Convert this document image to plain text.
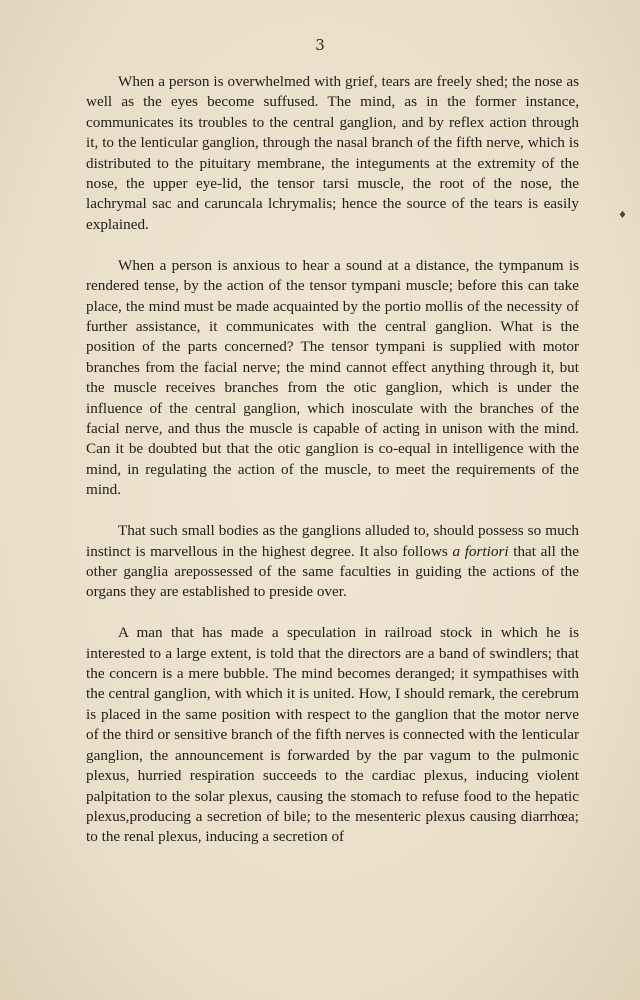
3
♦

When a person is overwhelmed with grief, tears are freely shed; the nose as well as the eyes become suffused. The mind, as in the former instance, communicates its troubles to the central ganglion, and by reflex action through it, to the lenticular ganglion, through the nasal branch of the fifth nerve, which is distributed to the pituitary membrane, the integuments at the extremity of the nose, the upper eye-lid, the tensor tarsi muscle, the root of the nose, the lachrymal sac and caruncala lchrymalis; hence the source of the tears is easily explained.

When a person is anxious to hear a sound at a distance, the tympanum is rendered tense, by the action of the tensor tympani muscle; before this can take place, the mind must be made acquainted by the portio mollis of the necessity of further assistance, it communicates with the central ganglion. What is the position of the parts concerned? The tensor tympani is supplied with motor branches from the facial nerve; the mind cannot effect anything through it, but the muscle receives branches from the otic ganglion, which is under the influence of the central ganglion, which inosculate with the branches of the facial nerve, and thus the muscle is capable of acting in unison with the mind. Can it be doubted but that the otic ganglion is co-equal in intelligence with the mind, in regulating the action of the muscle, to meet the requirements of the mind.

That such small bodies as the ganglions alluded to, should possess so much instinct is marvellous in the highest degree. It also follows a fortiori that all the other ganglia arepossessed of the same faculties in guiding the actions of the organs they are established to preside over.

A man that has made a speculation in railroad stock in which he is interested to a large extent, is told that the directors are a band of swindlers; that the concern is a mere bubble. The mind becomes deranged; it sympathises with the central ganglion, with which it is united. How, I should remark, the cerebrum is placed in the same position with respect to the ganglion that the motor nerve of the third or sensitive branch of the fifth nerves is connected with the lenticular ganglion, the announcement is forwarded by the par vagum to the pulmonic plexus, hurried respiration succeeds to the cardiac plexus, inducing violent palpitation to the solar plexus, causing the stomach to refuse food to the hepatic plexus,producing a secretion of bile; to the mesenteric plexus causing diarrhœa; to the renal plexus, inducing a secretion of
